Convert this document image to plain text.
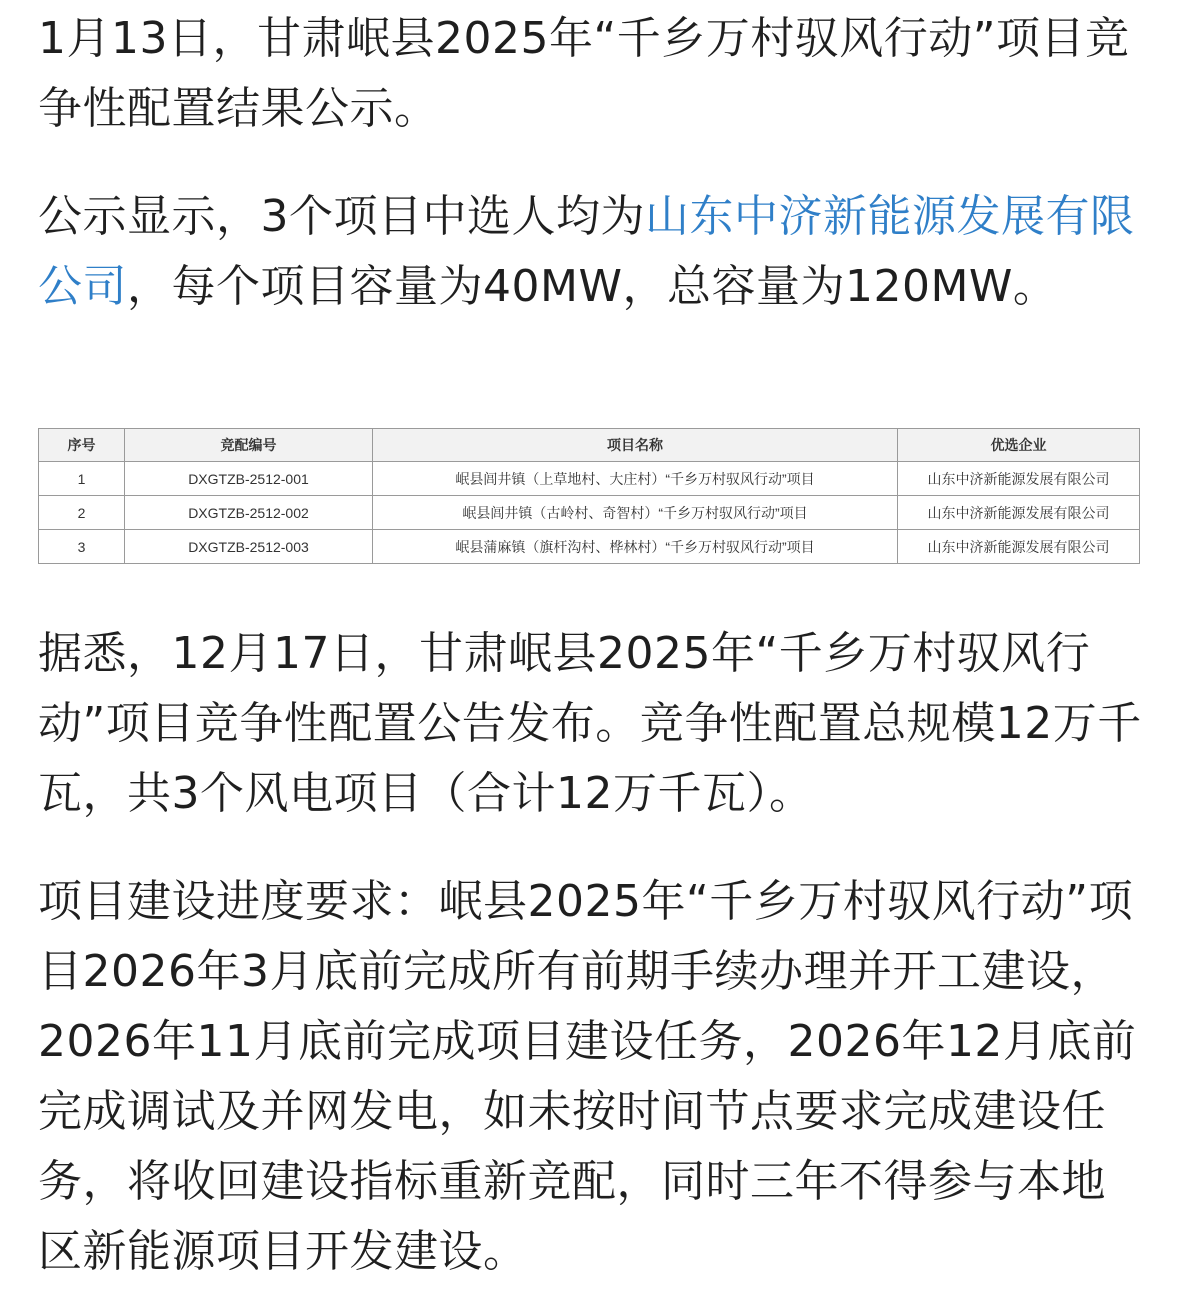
1月13日，甘肃岷县2025年“千乡万村驭风行动”项目竞争性配置结果公示。

公示显示，3个项目中选人均为山东中济新能源发展有限公司，每个项目容量为40MW，总容量为120MW。

序号	竞配编号	项目名称	优选企业
1	DXGTZB-2512-001	岷县闾井镇（上草地村、大庄村）“千乡万村驭风行动”项目	山东中济新能源发展有限公司
2	DXGTZB-2512-002	岷县闾井镇（古岭村、奇智村）“千乡万村驭风行动”项目	山东中济新能源发展有限公司
3	DXGTZB-2512-003	岷县蒲麻镇（旗杆沟村、桦林村）“千乡万村驭风行动”项目	山东中济新能源发展有限公司

据悉，12月17日，甘肃岷县2025年“千乡万村驭风行动”项目竞争性配置公告发布。竞争性配置总规模12万千瓦，共3个风电项目（合计12万千瓦）。

项目建设进度要求：岷县2025年“千乡万村驭风行动”项目2026年3月底前完成所有前期手续办理并开工建设，2026年11月底前完成项目建设任务，2026年12月底前完成调试及并网发电，如未按时间节点要求完成建设任务，将收回建设指标重新竞配，同时三年不得参与本地区新能源项目开发建设。
